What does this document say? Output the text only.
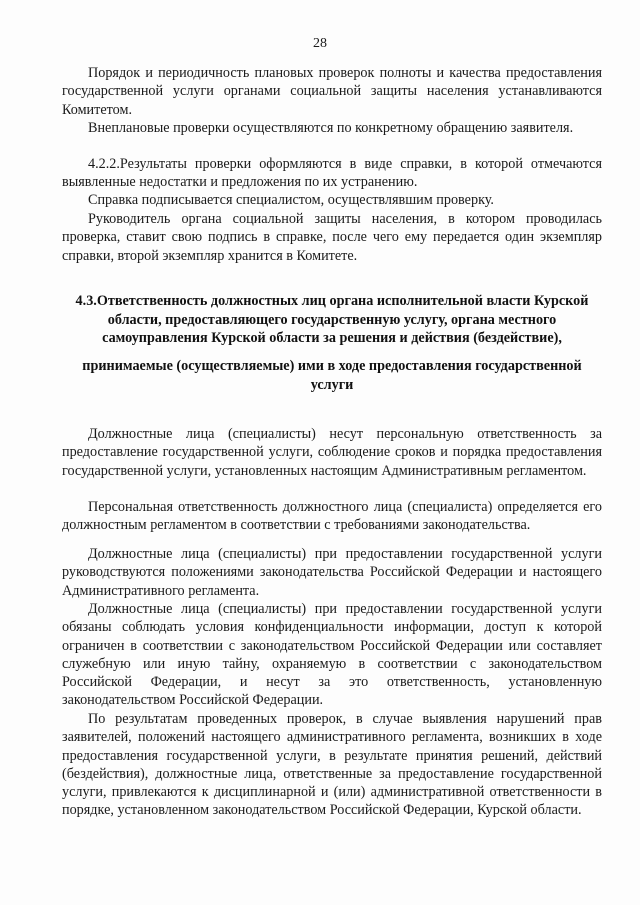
28

Порядок и периодичность плановых проверок полноты и качества предоставления государственной услуги органами социальной защиты населения устанавливаются Комитетом.

Внеплановые проверки осуществляются по конкретному обращению заявителя.

4.2.2.Результаты проверки оформляются в виде справки, в которой отмечаются выявленные недостатки и предложения по их устранению.

Справка подписывается специалистом, осуществлявшим проверку.

Руководитель органа социальной защиты населения, в котором проводилась проверка, ставит свою подпись в справке, после чего ему передается один экземпляр справки, второй экземпляр хранится в Комитете.

4.3.Ответственность должностных лиц органа исполнительной власти Курской области, предоставляющего государственную услугу, органа местного самоуправления Курской области за решения и действия (бездействие),

принимаемые (осуществляемые) ими в ходе предоставления государственной услуги

Должностные лица (специалисты) несут персональную ответственность за предоставление государственной услуги, соблюдение сроков и порядка предоставления государственной услуги, установленных настоящим Административным регламентом.

Персональная ответственность должностного лица (специалиста) определяется его должностным регламентом в соответствии с требованиями законодательства.

Должностные лица (специалисты) при предоставлении государственной услуги руководствуются положениями законодательства Российской Федерации и настоящего Административного регламента.

Должностные лица (специалисты) при предоставлении государственной услуги обязаны соблюдать условия конфиденциальности информации, доступ к которой ограничен в соответствии с законодательством Российской Федерации или составляет служебную или иную тайну, охраняемую в соответствии с законодательством Российской Федерации, и несут за это ответственность, установленную законодательством Российской Федерации.

По результатам проведенных проверок, в случае выявления нарушений прав заявителей, положений настоящего административного регламента, возникших в ходе предоставления государственной услуги, в результате принятия решений, действий (бездействия), должностные лица, ответственные за предоставление государственной услуги, привлекаются к дисциплинарной и (или) административной ответственности в порядке, установленном законодательством Российской Федерации, Курской области.
